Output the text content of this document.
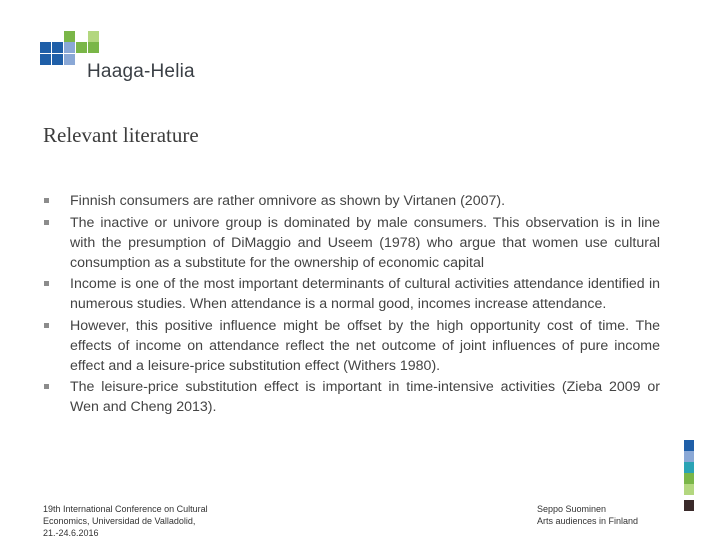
Haaga-Helia
Relevant literature
Finnish consumers are rather omnivore as shown by Virtanen (2007).
The inactive or univore group is dominated by male consumers. This observation is in line with the presumption of DiMaggio and Useem (1978) who argue that women use cultural consumption as a substitute for the ownership of economic capital
Income is one of the most important determinants of cultural activities attendance identified in numerous studies. When attendance is a normal good, incomes increase attendance.
However, this positive influence might be offset by the high opportunity cost of time. The effects of income on attendance reflect the net outcome of joint influences of pure income effect and a leisure-price substitution effect (Withers 1980).
The leisure-price substitution effect is important in time-intensive activities (Zieba 2009 or Wen and Cheng 2013).
19th International Conference on Cultural Economics, Universidad de Valladolid, 21.-24.6.2016
Seppo Suominen
Arts audiences in Finland
